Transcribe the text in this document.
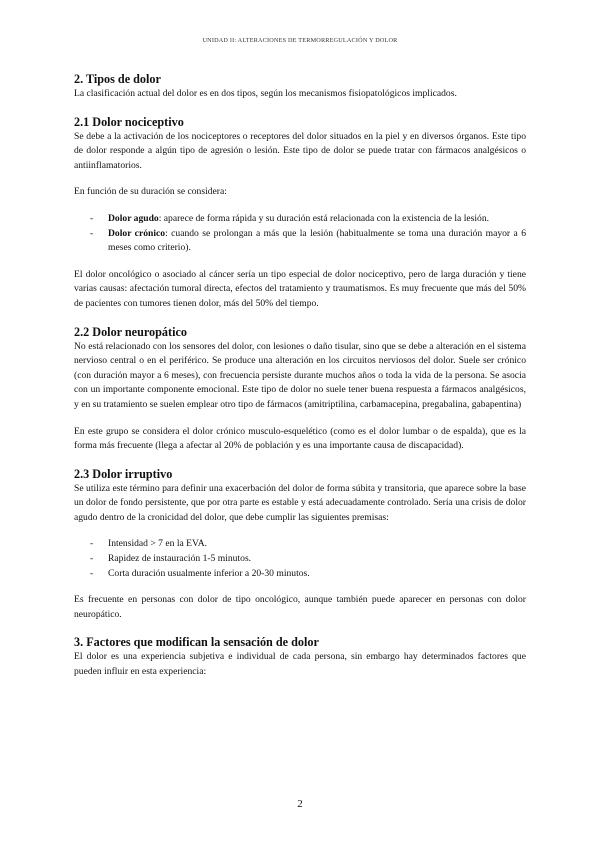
UNIDAD II: ALTERACIONES DE TERMORREGULACIÓN Y DOLOR
2. Tipos de dolor

La clasificación actual del dolor es en dos tipos, según los mecanismos fisiopatológicos implicados.

2.1 Dolor nociceptivo

Se debe a la activación de los nociceptores o receptores del dolor situados en la piel y en diversos órganos. Este tipo de dolor responde a algún tipo de agresión o lesión. Este tipo de dolor se puede tratar con fármacos analgésicos o antiinflamatorios.

En función de su duración se considera:

- Dolor agudo: aparece de forma rápida y su duración está relacionada con la existencia de la lesión.
- Dolor crónico: cuando se prolongan a más que la lesión (habitualmente se toma una duración mayor a 6 meses como criterio).

El dolor oncológico o asociado al cáncer sería un tipo especial de dolor nociceptivo, pero de larga duración y tiene varias causas: afectación tumoral directa, efectos del tratamiento y traumatismos. Es muy frecuente que más del 50% de pacientes con tumores tienen dolor, más del 50% del tiempo.

2.2 Dolor neuropático

No está relacionado con los sensores del dolor, con lesiones o daño tisular, sino que se debe a alteración en el sistema nervioso central o en el periférico. Se produce una alteración en los circuitos nerviosos del dolor. Suele ser crónico (con duración mayor a 6 meses), con frecuencia persiste durante muchos años o toda la vida de la persona. Se asocia con un importante componente emocional. Este tipo de dolor no suele tener buena respuesta a fármacos analgésicos, y en su tratamiento se suelen emplear otro tipo de fármacos (amitriptilina, carbamacepina, pregabalina, gabapentina)

En este grupo se considera el dolor crónico musculo-esquelético (como es el dolor lumbar o de espalda), que es la forma más frecuente (llega a afectar al 20% de población y es una importante causa de discapacidad).

2.3 Dolor irruptivo

Se utiliza este término para definir una exacerbación del dolor de forma súbita y transitoria, que aparece sobre la base un dolor de fondo persistente, que por otra parte es estable y está adecuadamente controlado. Sería una crisis de dolor agudo dentro de la cronicidad del dolor, que debe cumplir las siguientes premisas:

- Intensidad > 7 en la EVA.
- Rapidez de instauración 1-5 minutos.
- Corta duración usualmente inferior a 20-30 minutos.

Es frecuente en personas con dolor de tipo oncológico, aunque también puede aparecer en personas con dolor neuropático.

3. Factores que modifican la sensación de dolor

El dolor es una experiencia subjetiva e individual de cada persona, sin embargo hay determinados factores que pueden influir en esta experiencia:

2
